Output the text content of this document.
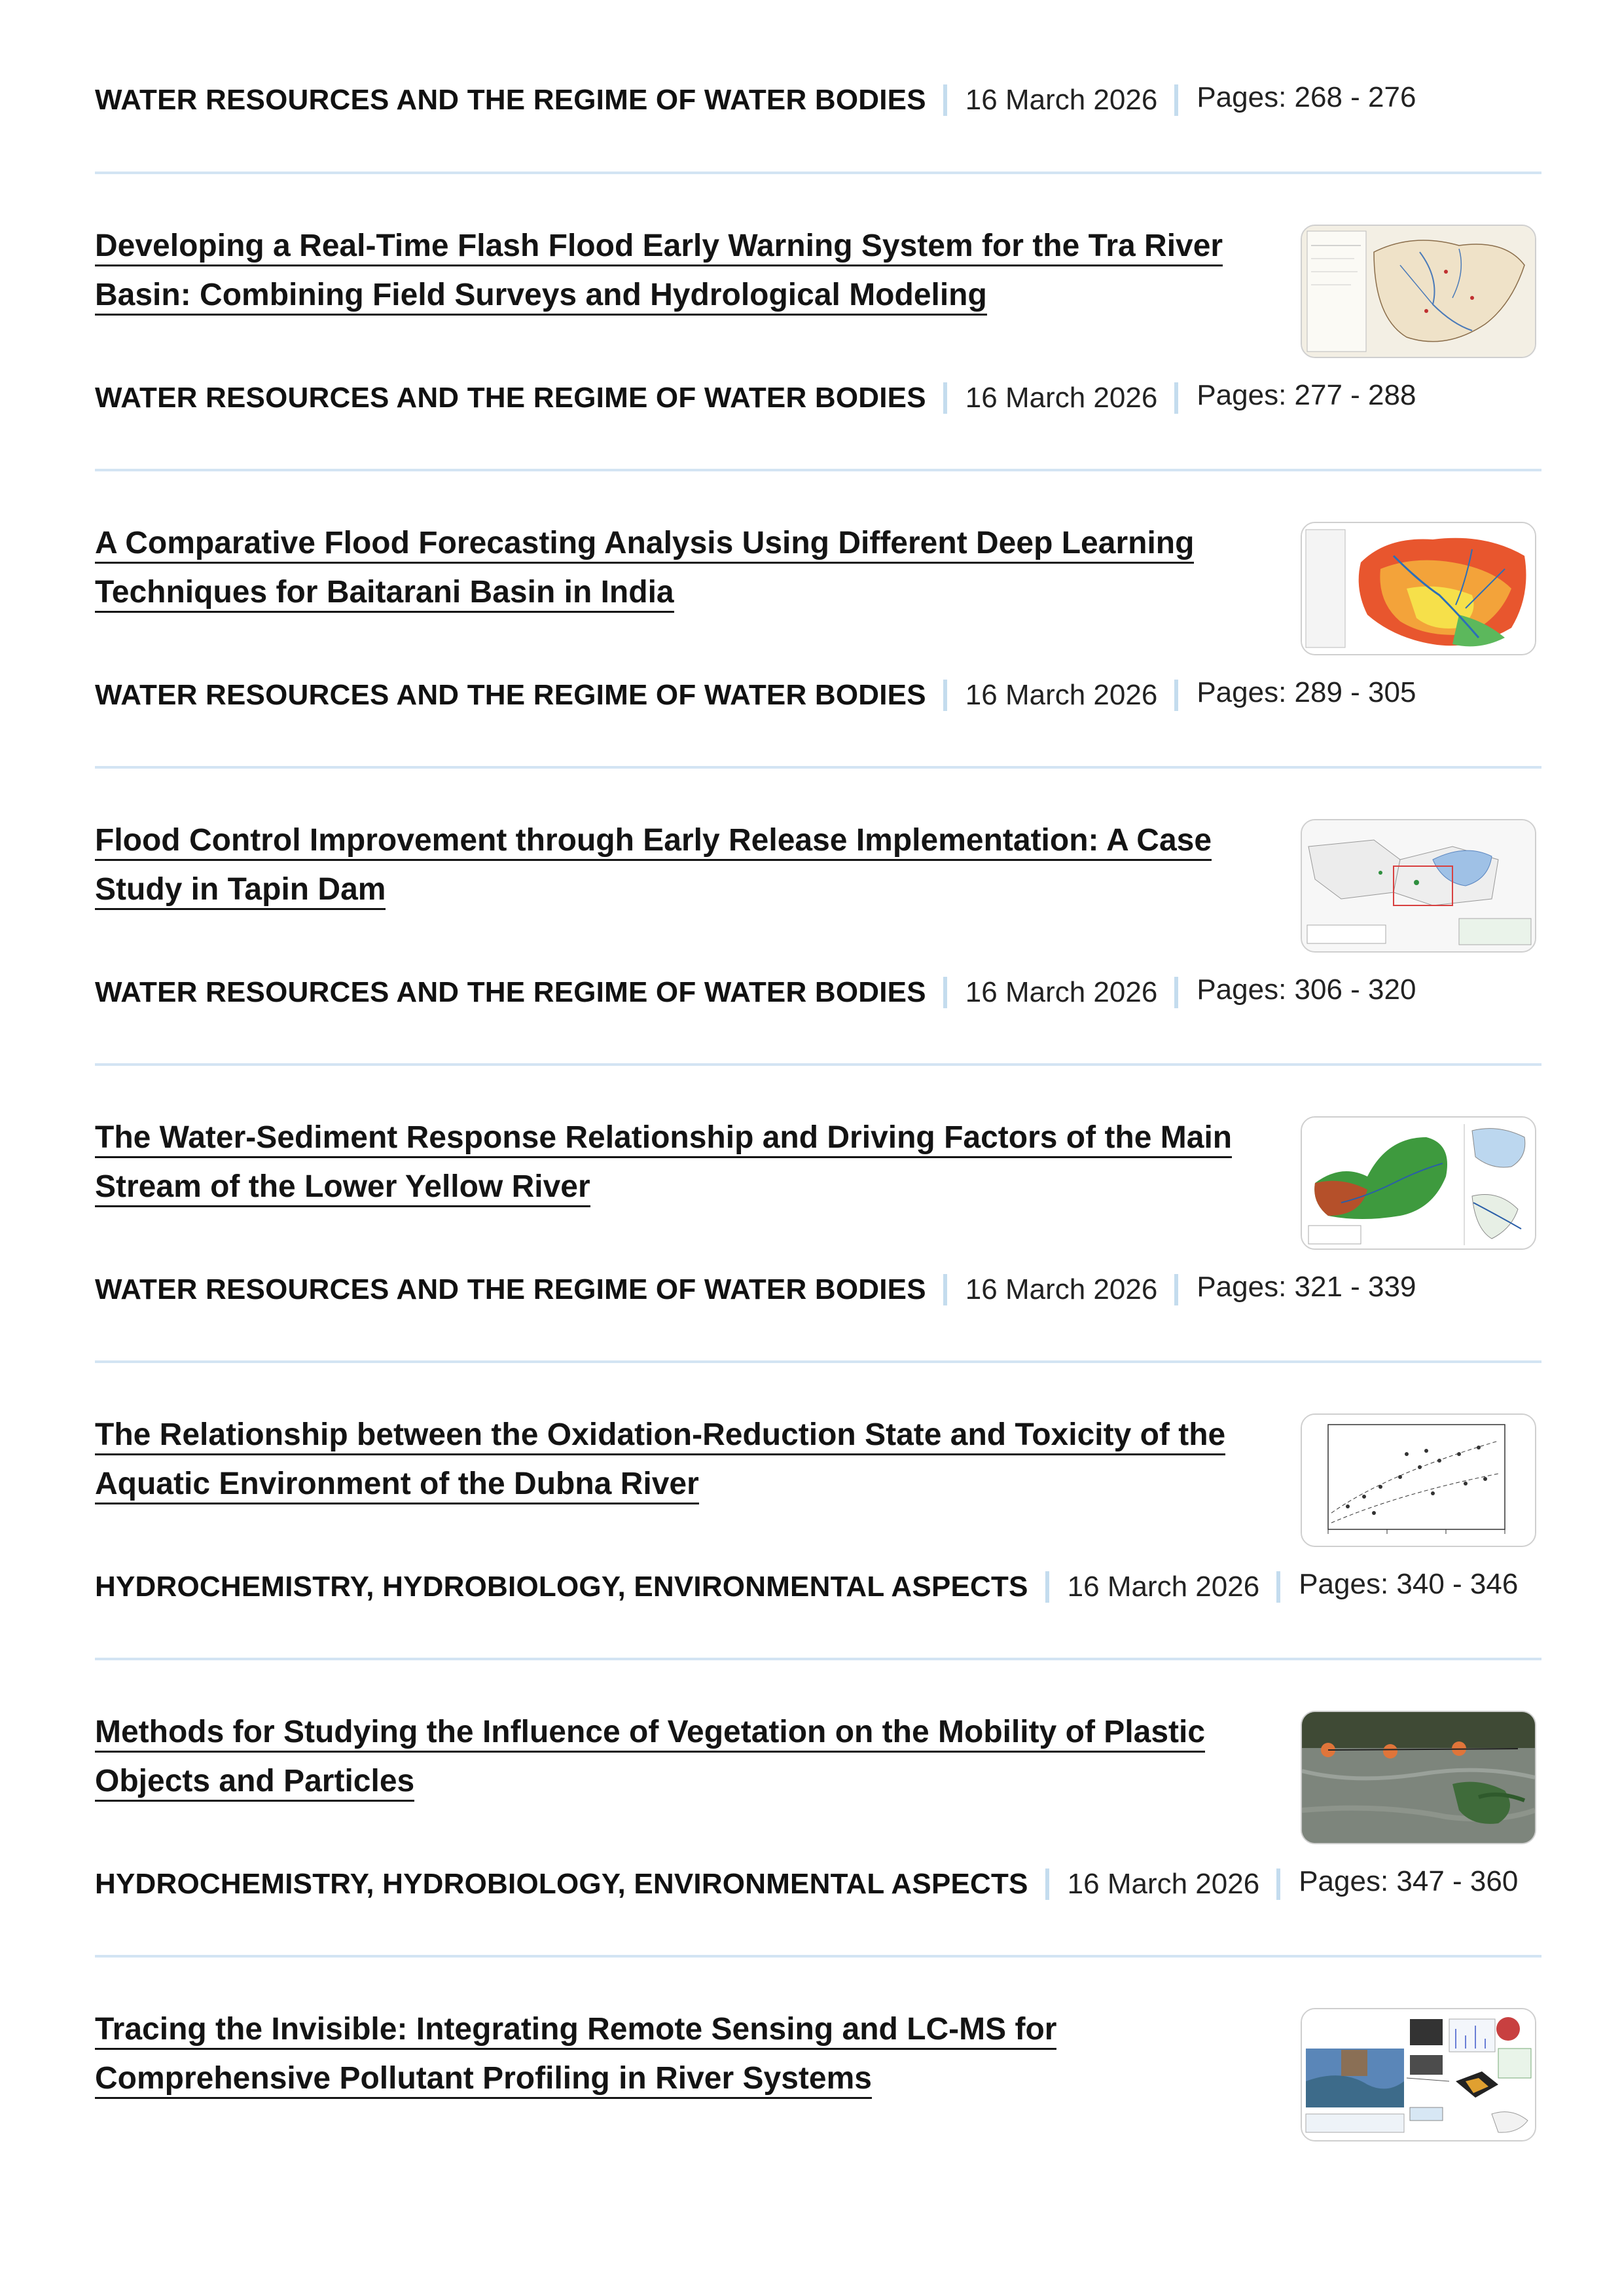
WATER RESOURCES AND THE REGIME OF WATER BODIES 16 March 2026 Pages: 268 - 276
Developing a Real-Time Flash Flood Early Warning System for the Tra River Basin: Combining Field Surveys and Hydrological Modeling
WATER RESOURCES AND THE REGIME OF WATER BODIES 16 March 2026 Pages: 277 - 288
A Comparative Flood Forecasting Analysis Using Different Deep Learning Techniques for Baitarani Basin in India
WATER RESOURCES AND THE REGIME OF WATER BODIES 16 March 2026 Pages: 289 - 305
Flood Control Improvement through Early Release Implementation: A Case Study in Tapin Dam
WATER RESOURCES AND THE REGIME OF WATER BODIES 16 March 2026 Pages: 306 - 320
The Water-Sediment Response Relationship and Driving Factors of the Main Stream of the Lower Yellow River
WATER RESOURCES AND THE REGIME OF WATER BODIES 16 March 2026 Pages: 321 - 339
The Relationship between the Oxidation-Reduction State and Toxicity of the Aquatic Environment of the Dubna River
HYDROCHEMISTRY, HYDROBIOLOGY, ENVIRONMENTAL ASPECTS 16 March 2026 Pages: 340 - 346
Methods for Studying the Influence of Vegetation on the Mobility of Plastic Objects and Particles
HYDROCHEMISTRY, HYDROBIOLOGY, ENVIRONMENTAL ASPECTS 16 March 2026 Pages: 347 - 360
Tracing the Invisible: Integrating Remote Sensing and LC-MS for Comprehensive Pollutant Profiling in River Systems
